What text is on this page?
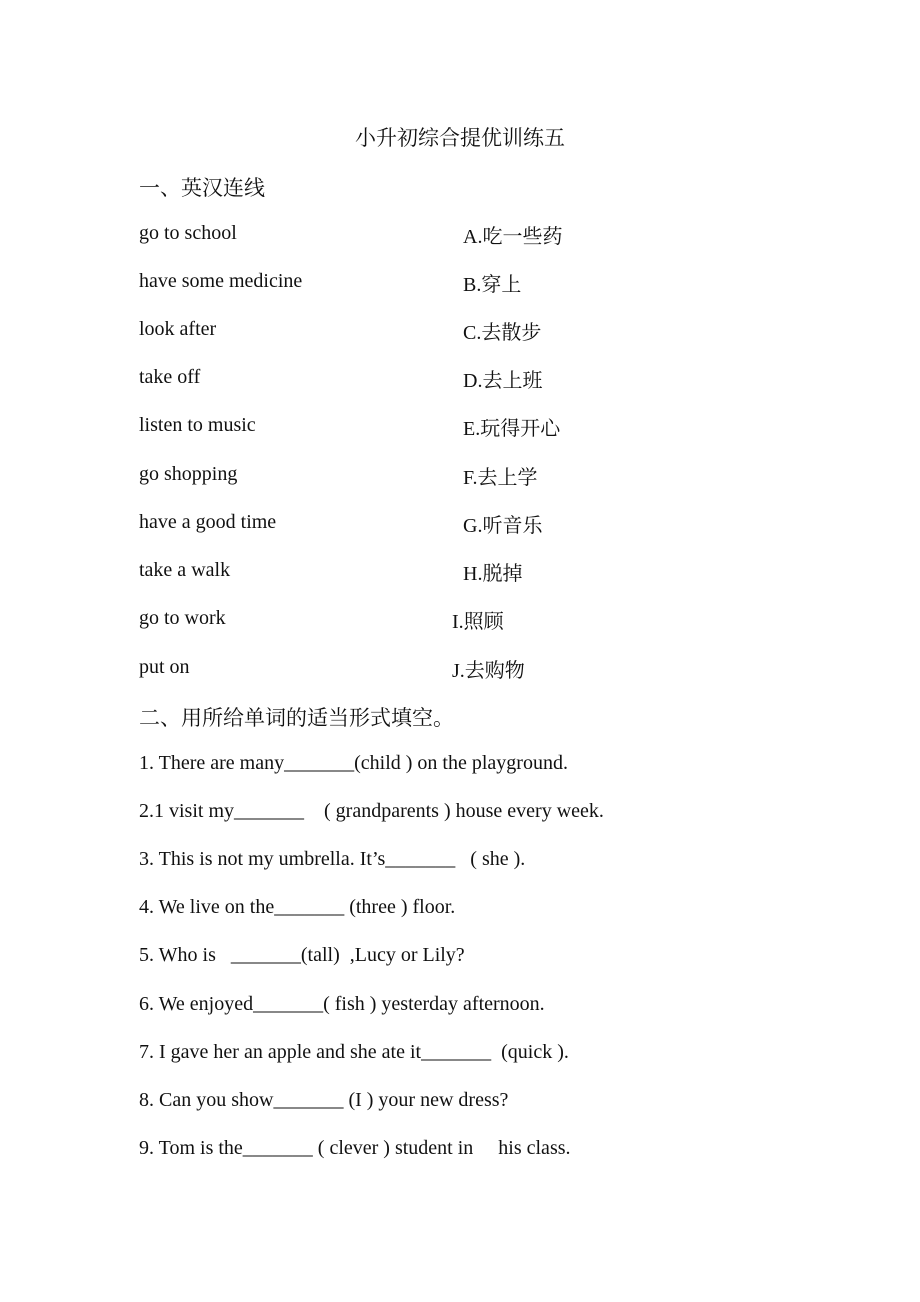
小升初综合提优训练五
一、英汉连线
go to school	A.吃一些药
have some medicine	B.穿上
look after	C.去散步
take off	D.去上班
listen to music	E.玩得开心
go shopping	F.去上学
have a good time	G.听音乐
take a walk	H.脱掉
go to work	I.照顾
put on	J.去购物
二、用所给单词的适当形式填空。
1. There are many_______(child ) on the playground.
2.1 visit my_______    ( grandparents ) house every week.
3. This is not my umbrella. It’s_______   ( she ).
4. We live on the_______ (three ) floor.
5. Who is   _______(tall)  ,Lucy or Lily?
6. We enjoyed_______( fish ) yesterday afternoon.
7. I gave her an apple and she ate it_______  (quick ).
8. Can you show_______ (I ) your new dress?
9. Tom is the_______ ( clever ) student in     his class.
